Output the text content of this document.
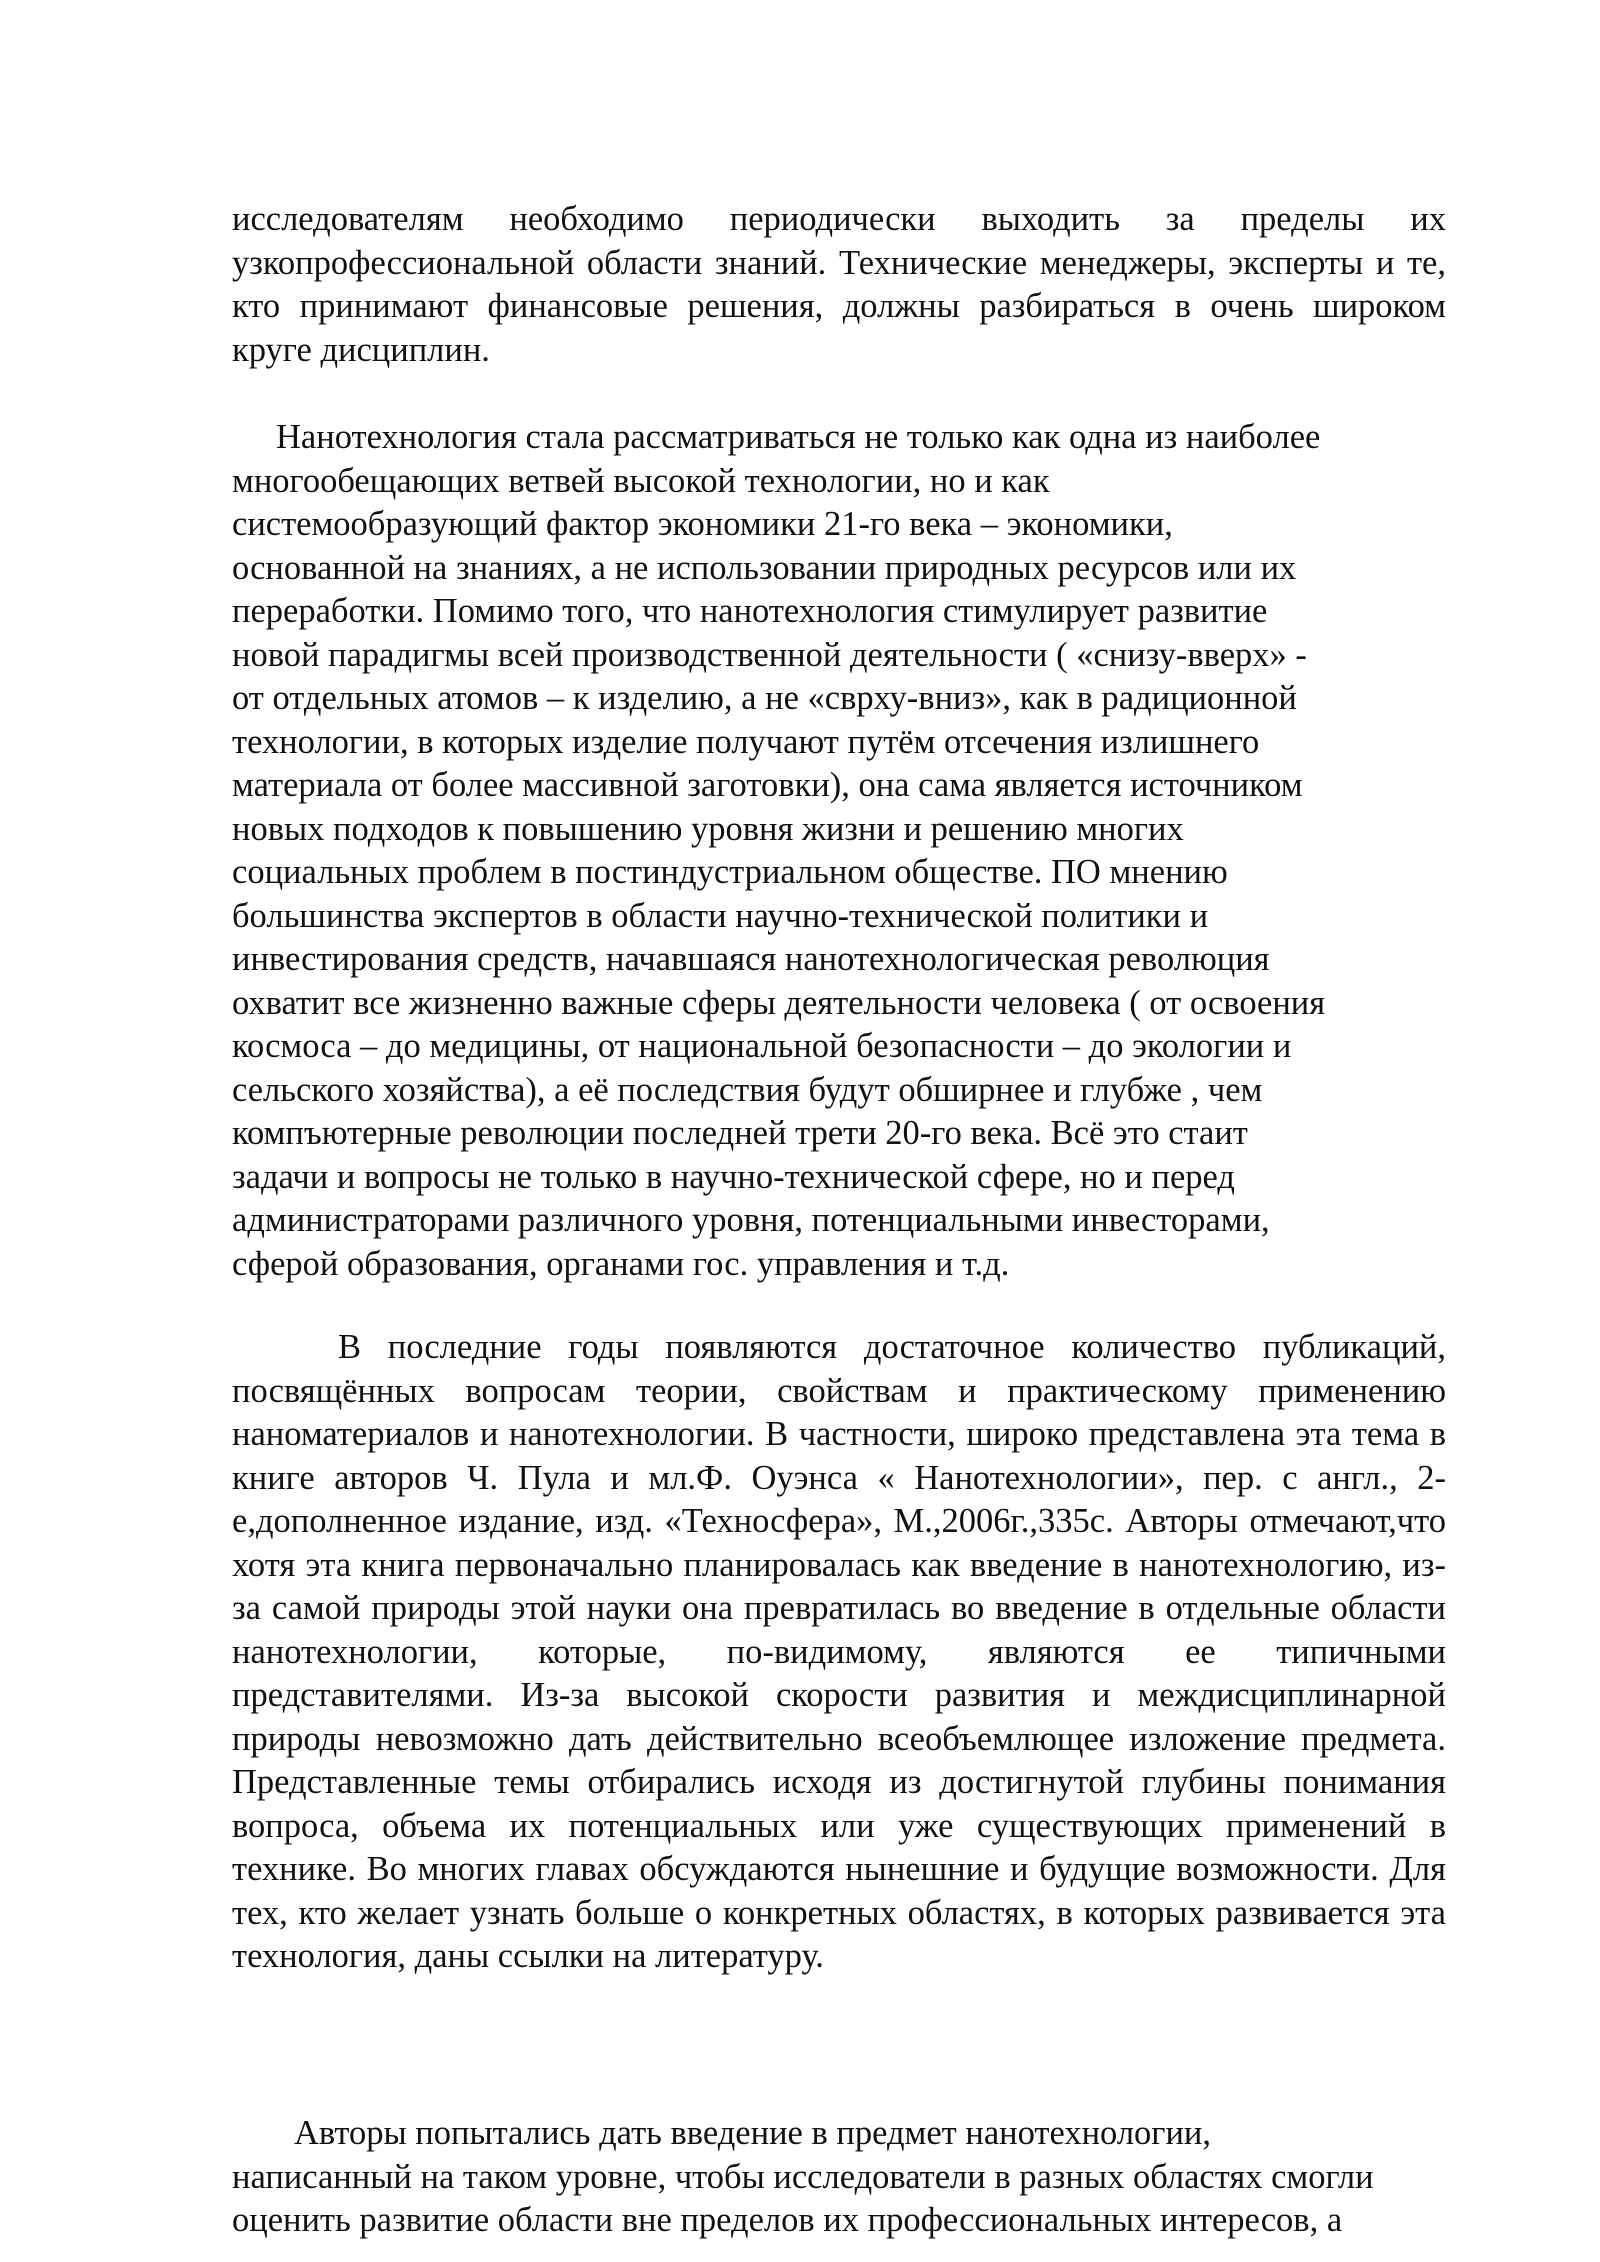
исследователям необходимо периодически выходить за пределы их узкопрофессиональной области знаний. Технические менеджеры, эксперты и те, кто принимают финансовые решения, должны разбираться в очень широком круге дисциплин.
Нанотехнология стала рассматриваться не только как одна из наиболее
многообещающих ветвей высокой технологии, но и как
системообразующий фактор экономики 21-го века – экономики,
основанной на знаниях, а не использовании природных ресурсов или их
переработки. Помимо того, что нанотехнология стимулирует развитие
новой парадигмы всей производственной деятельности ( «снизу-вверх» -
от отдельных атомов – к изделию, а не «сврху-вниз», как в радиционной
технологии, в которых изделие получают путём отсечения излишнего
материала от более массивной заготовки), она сама является источником
новых подходов к повышению уровня жизни и решению многих
социальных проблем в постиндустриальном обществе. ПО мнению
большинства экспертов в области научно-технической политики и
инвестирования средств, начавшаяся нанотехнологическая революция
охватит все жизненно важные сферы деятельности человека ( от освоения
космоса – до медицины, от национальной безопасности – до экологии и
сельского хозяйства), а её последствия будут обширнее и глубже , чем
компъютерные революции последней трети 20-го века. Всё это стаит
задачи и вопросы не только в научно-технической сфере, но и перед
администраторами различного уровня, потенциальными инвесторами,
сферой образования, органами гос. управления и т.д.
В последние годы появляются достаточное количество публикаций, посвящённых вопросам теории, свойствам и практическому применению наноматериалов и нанотехнологии. В частности, широко представлена эта тема в книге авторов Ч. Пула и мл.Ф. Оуэнса « Нанотехнологии», пер. с англ., 2-е,дополненное издание, изд. «Техносфера», М.,2006г.,335с. Авторы отмечают,что хотя эта книга первоначально планировалась как введение в нанотехнологию, из-за самой природы этой науки она превратилась во введение в отдельные области нанотехнологии, которые, по-видимому, являются ее типичными представителями. Из-за высокой скорости развития и междисциплинарной природы невозможно дать действительно всеобъемлющее изложение предмета. Представленные темы отбирались исходя из достигнутой глубины понимания вопроса, объема их потенциальных или уже существующих применений в технике. Во многих главах обсуждаются нынешние и будущие возможности. Для тех, кто желает узнать больше о конкретных областях, в которых развивается эта технология, даны ссылки на литературу.
Авторы попытались дать введение в предмет нанотехнологии,
написанный на таком уровне, чтобы исследователи в разных областях смогли
оценить развитие области вне пределов их профессиональных интересов, а
